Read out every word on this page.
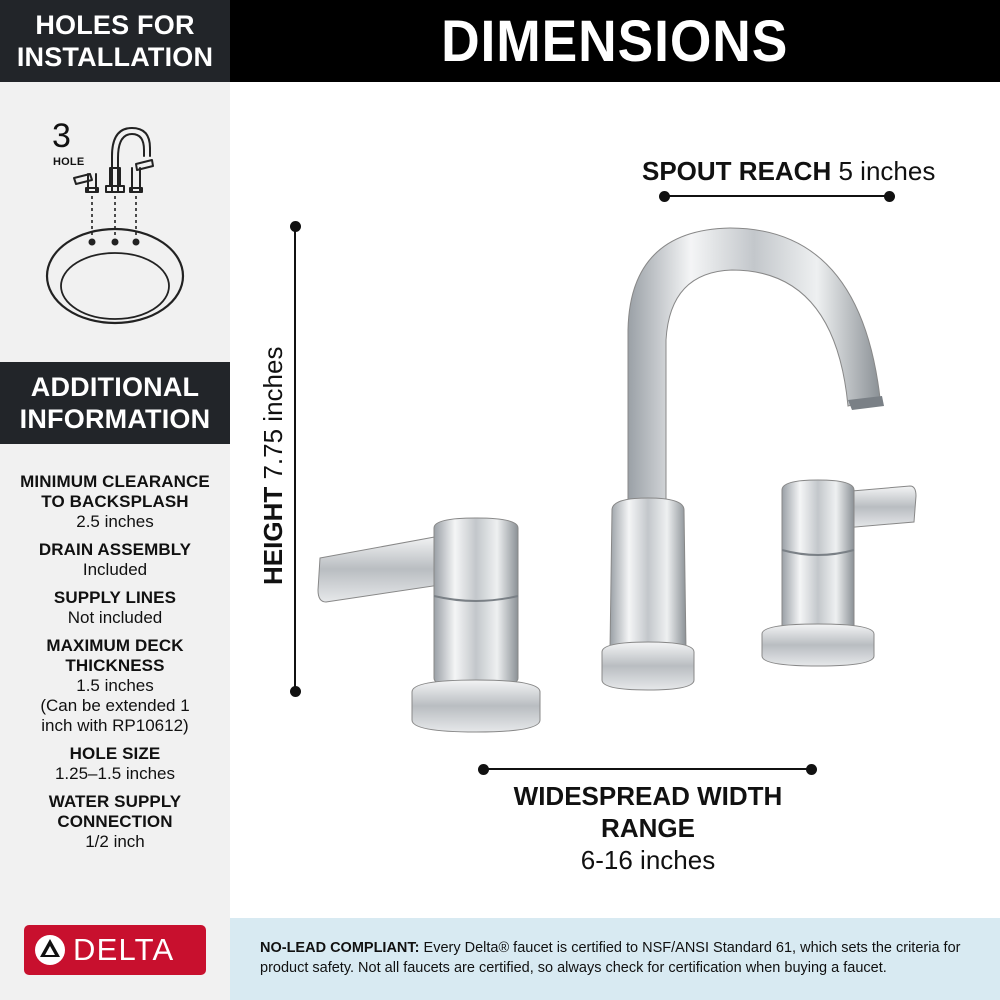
HOLES FOR
INSTALLATION
3
HOLE
ADDITIONAL
INFORMATION
MINIMUM CLEARANCE
TO BACKSPLASH
2.5 inches
DRAIN ASSEMBLY
Included
SUPPLY LINES
Not included
MAXIMUM DECK
THICKNESS
1.5 inches
(Can be extended 1
inch with RP10612)
HOLE SIZE
1.25–1.5 inches
WATER SUPPLY
CONNECTION
1/2 inch
DELTA
DIMENSIONS
SPOUT REACH 5 inches
HEIGHT 7.75 inches
WIDESPREAD WIDTH RANGE
6-16 inches
NO-LEAD COMPLIANT: Every Delta® faucet is certified to NSF/ANSI Standard 61, which sets the criteria for product safety. Not all faucets are certified, so always check for certification when buying a faucet.
